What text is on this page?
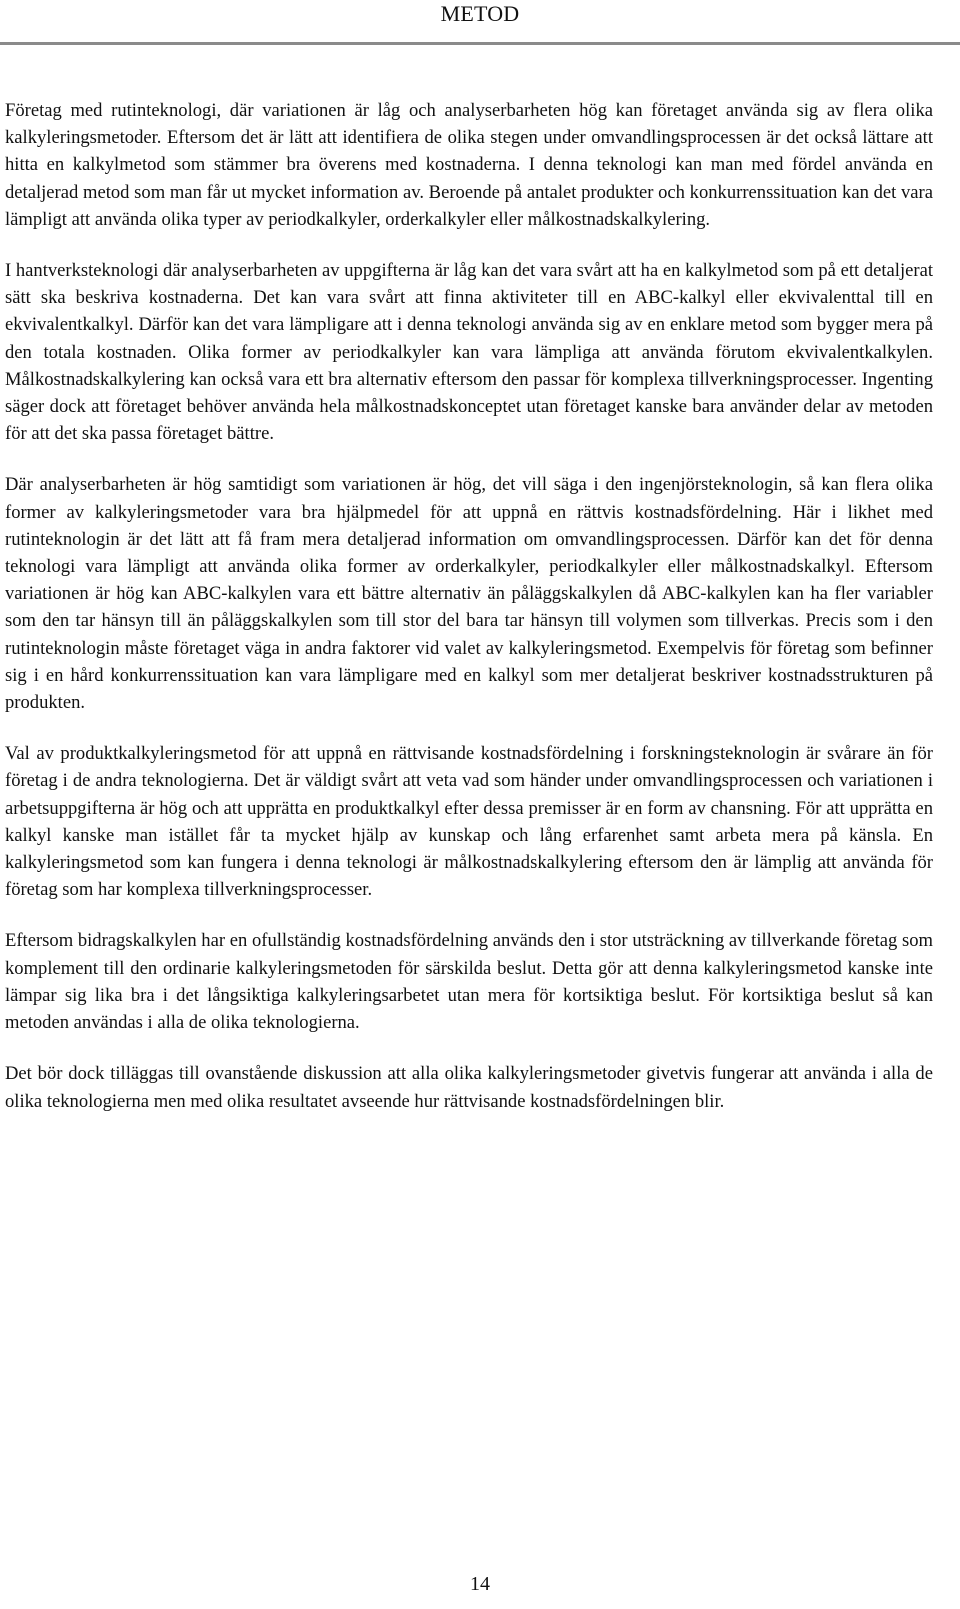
METOD

Företag med rutinteknologi, där variationen är låg och analyserbarheten hög kan företaget använda sig av flera olika kalkyleringsmetoder. Eftersom det är lätt att identifiera de olika stegen under omvandlingsprocessen är det också lättare att hitta en kalkylmetod som stämmer bra överens med kostnaderna. I denna teknologi kan man med fördel använda en detaljerad metod som man får ut mycket information av. Beroende på antalet produkter och konkurrenssituation kan det vara lämpligt att använda olika typer av periodkalkyler, orderkalkyler eller målkostnadskalkylering.

I hantverksteknologi där analyserbarheten av uppgifterna är låg kan det vara svårt att ha en kalkylmetod som på ett detaljerat sätt ska beskriva kostnaderna. Det kan vara svårt att finna aktiviteter till en ABC-kalkyl eller ekvivalenttal till en ekvivalentkalkyl. Därför kan det vara lämpligare att i denna teknologi använda sig av en enklare metod som bygger mera på den totala kostnaden. Olika former av periodkalkyler kan vara lämpliga att använda förutom ekvivalentkalkylen. Målkostnadskalkylering kan också vara ett bra alternativ eftersom den passar för komplexa tillverkningsprocesser. Ingenting säger dock att företaget behöver använda hela målkostnadskonceptet utan företaget kanske bara använder delar av metoden för att det ska passa företaget bättre.

Där analyserbarheten är hög samtidigt som variationen är hög, det vill säga i den ingenjörsteknologin, så kan flera olika former av kalkyleringsmetoder vara bra hjälpmedel för att uppnå en rättvis kostnadsfördelning. Här i likhet med rutinteknologin är det lätt att få fram mera detaljerad information om omvandlingsprocessen. Därför kan det för denna teknologi vara lämpligt att använda olika former av orderkalkyler, periodkalkyler eller målkostnadskalkyl. Eftersom variationen är hög kan ABC-kalkylen vara ett bättre alternativ än påläggskalkylen då ABC-kalkylen kan ha fler variabler som den tar hänsyn till än påläggskalkylen som till stor del bara tar hänsyn till volymen som tillverkas. Precis som i den rutinteknologin måste företaget väga in andra faktorer vid valet av kalkyleringsmetod. Exempelvis för företag som befinner sig i en hård konkurrenssituation kan vara lämpligare med en kalkyl som mer detaljerat beskriver kostnadsstrukturen på produkten.

Val av produktkalkyleringsmetod för att uppnå en rättvisande kostnadsfördelning i forskningsteknologin är svårare än för företag i de andra teknologierna. Det är väldigt svårt att veta vad som händer under omvandlingsprocessen och variationen i arbetsuppgifterna är hög och att upprätta en produktkalkyl efter dessa premisser är en form av chansning. För att upprätta en kalkyl kanske man istället får ta mycket hjälp av kunskap och lång erfarenhet samt arbeta mera på känsla. En kalkyleringsmetod som kan fungera i denna teknologi är målkostnadskalkylering eftersom den är lämplig att använda för företag som har komplexa tillverkningsprocesser.

Eftersom bidragskalkylen har en ofullständig kostnadsfördelning används den i stor utsträckning av tillverkande företag som komplement till den ordinarie kalkyleringsmetoden för särskilda beslut. Detta gör att denna kalkyleringsmetod kanske inte lämpar sig lika bra i det långsiktiga kalkyleringsarbetet utan mera för kortsiktiga beslut. För kortsiktiga beslut så kan metoden användas i alla de olika teknologierna.

Det bör dock tilläggas till ovanstående diskussion att alla olika kalkyleringsmetoder givetvis fungerar att använda i alla de olika teknologierna men med olika resultatet avseende hur rättvisande kostnadsfördelningen blir.

14
